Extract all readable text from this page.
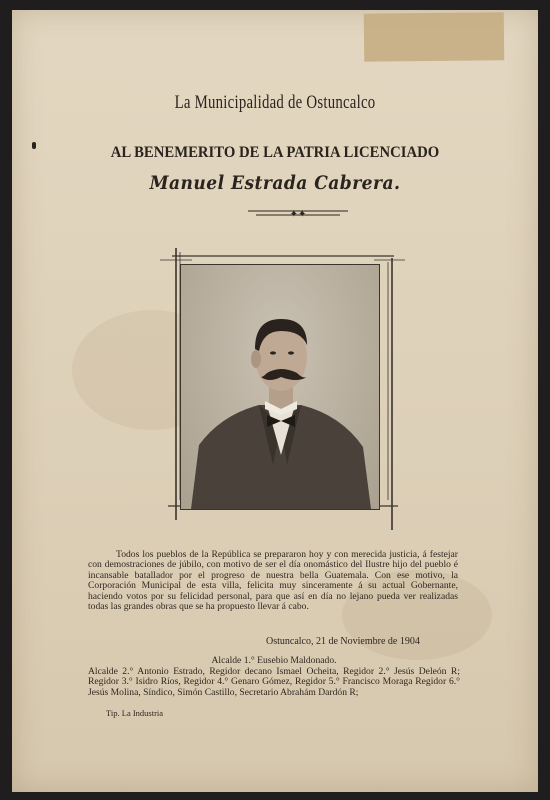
La Municipalidad de Ostuncalco
AL BENEMERITO DE LA PATRIA LICENCIADO
Manuel Estrada Cabrera.
✦✦
Todos los pueblos de la República se prepararon hoy y con merecida justicia, á festejar con demostraciones de júbilo, con motivo de ser el día onomástico del Ilustre hijo del pueblo é incansable batallador por el progreso de nuestra bella Guatemala. Con ese motivo, la Corporación Municipal de esta villa, felicita muy sinceramente á su actual Gobernante, haciendo votos por su felicidad personal, para que así en día no lejano pueda ver realizadas todas las grandes obras que se ha propuesto llevar á cabo.
Ostuncalco, 21 de Noviembre de 1904
Alcalde 1.° Eusebio Maldonado.
Alcalde 2.° Antonio Estrado, Regidor decano Ismael Ocheita, Regidor 2.° Jesús Deleón R; Regidor 3.° Isidro Ríos, Regidor 4.° Genaro Gómez, Regidor 5.° Francisco Moraga Regidor 6.° Jesús Molina, Síndico, Simón Castillo, Secretario Abrahám Dardón R;
Tip. La Industria
